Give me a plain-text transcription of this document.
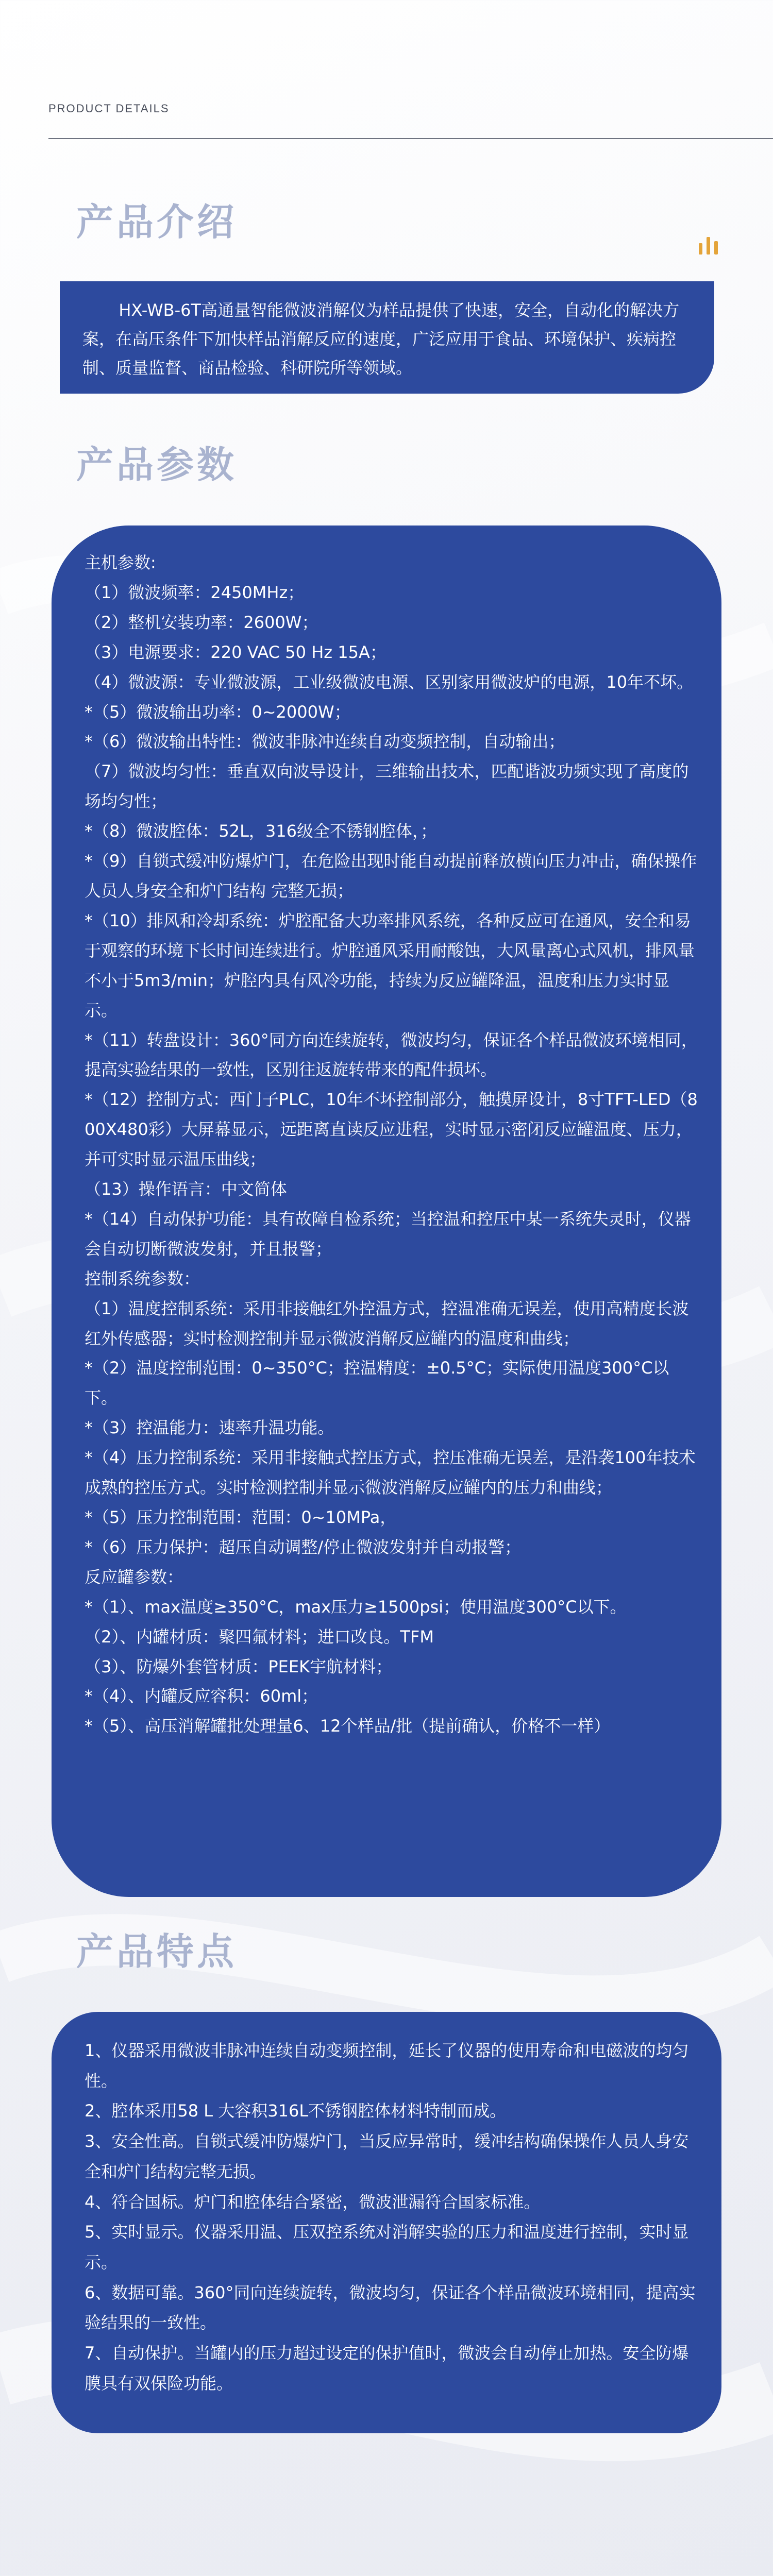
PRODUCT DETAILS
产品介绍

HX-WB-6T高通量智能微波消解仪为样品提供了快速，安全，自动化的解决方案，在高压条件下加快样品消解反应的速度，广泛应用于食品、环境保护、疾病控制、质量监督、商品检验、科研院所等领域。

产品参数

主机参数:

（1）微波频率：2450MHz；

（2）整机安装功率：2600W；

（3）电源要求：220 VAC 50 Hz 15A；

（4）微波源：专业微波源，工业级微波电源、区别家用微波炉的电源，10年不坏。

*（5）微波输出功率：0~2000W；

*（6）微波输出特性：微波非脉冲连续自动变频控制，自动输出；

（7）微波均匀性：垂直双向波导设计，三维输出技术，匹配谐波功频实现了高度的场均匀性；

*（8）微波腔体：52L，316级全不锈钢腔体，；

*（9）自锁式缓冲防爆炉门，在危险出现时能自动提前释放横向压力冲击，确保操作人员人身安全和炉门结构 完整无损；

*（10）排风和冷却系统：炉腔配备大功率排风系统，各种反应可在通风，安全和易于观察的环境下长时间连续进行。炉腔通风采用耐酸蚀，大风量离心式风机，排风量不小于5m3/min；炉腔内具有风冷功能，持续为反应罐降温，温度和压力实时显示。

*（11）转盘设计：360°同方向连续旋转，微波均匀，保证各个样品微波环境相同，提高实验结果的一致性，区别往返旋转带来的配件损坏。

*（12）控制方式：西门子PLC，10年不坏控制部分，触摸屏设计，8寸TFT-LED（800X480彩）大屏幕显示，远距离直读反应进程，实时显示密闭反应罐温度、压力，并可实时显示温压曲线；

（13）操作语言：中文简体

*（14）自动保护功能：具有故障自检系统；当控温和控压中某一系统失灵时，仪器会自动切断微波发射，并且报警；

控制系统参数：

（1）温度控制系统：采用非接触红外控温方式，控温准确无误差，使用高精度长波红外传感器；实时检测控制并显示微波消解反应罐内的温度和曲线；

*（2）温度控制范围：0~350°C；控温精度：±0.5°C；实际使用温度300°C以下。

*（3）控温能力：速率升温功能。

*（4）压力控制系统：采用非接触式控压方式，控压准确无误差，是沿袭100年技术成熟的控压方式。实时检测控制并显示微波消解反应罐内的压力和曲线；

*（5）压力控制范围：范围：0~10MPa，

*（6）压力保护：超压自动调整/停止微波发射并自动报警；

反应罐参数：

*（1）、max温度≥350°C，max压力≥1500psi；使用温度300°C以下。

（2）、内罐材质：聚四氟材料；进口改良。TFM

（3）、防爆外套管材质：PEEK宇航材料；

*（4）、内罐反应容积：60ml；

*（5）、高压消解罐批处理量6、12个样品/批（提前确认，价格不一样）

产品特点

1、仪器采用微波非脉冲连续自动变频控制，延长了仪器的使用寿命和电磁波的均匀性。

2、腔体采用58 L 大容积316L不锈钢腔体材料特制而成。

3、安全性高。自锁式缓冲防爆炉门，当反应异常时，缓冲结构确保操作人员人身安全和炉门结构完整无损。

4、符合国标。炉门和腔体结合紧密，微波泄漏符合国家标准。

5、实时显示。仪器采用温、压双控系统对消解实验的压力和温度进行控制，实时显示。

6、数据可靠。360°同向连续旋转，微波均匀，保证各个样品微波环境相同，提高实验结果的一致性。

7、自动保护。当罐内的压力超过设定的保护值时，微波会自动停止加热。安全防爆膜具有双保险功能。
